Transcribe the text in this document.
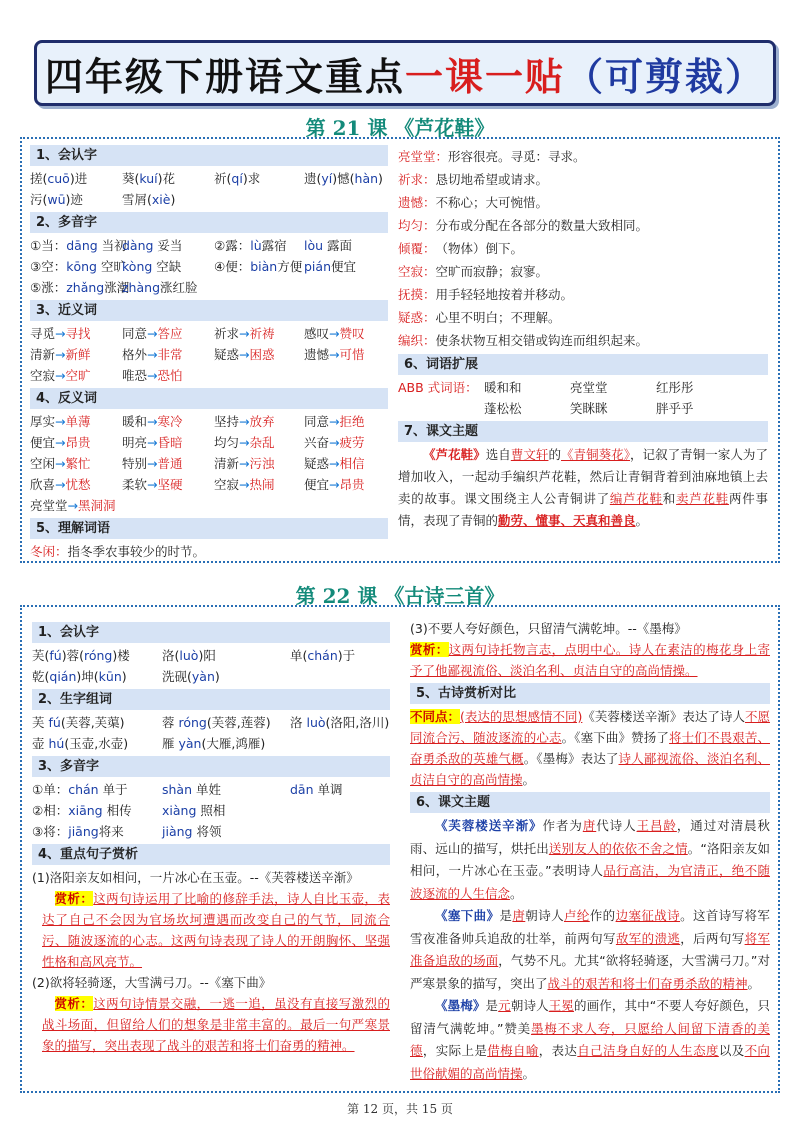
四年级下册语文重点 一课一贴 （可剪裁）
第 21 课 《芦花鞋》
1、会认字
搓(cuō)进	葵(kuí)花	祈(qí)求	遗(yí)憾(hàn)
污(wū)迹	雪屑(xiè)
2、多音字
①当：dāng 当初dàng 妥当	②露：lù露宿 lòu 露面
③空：kōng 空旷kòng 空缺	④便：biàn方便 pián便宜
⑤涨：zhǎng涨潮zhàng涨红脸
3、近义词
寻觅→寻找	同意→答应	祈求→祈祷 感叹→赞叹
清新→新鲜	格外→非常	疑惑→困惑 遗憾→可惜
空寂→空旷	唯恐→恐怕
4、反义词
厚实→单薄	暖和→寒冷	坚持→放弃 同意→拒绝
便宜→昂贵	明亮→昏暗	均匀→杂乱 兴奋→疲劳
空闲→繁忙	特别→普通	清新→污浊 疑惑→相信
欣喜→忧愁	柔软→坚硬	空寂→热闹 便宜→昂贵
亮堂堂→黑洞洞
5、理解词语
冬闲：指冬季农事较少的时节。
亮堂堂：形容很亮。寻觅：寻求。
祈求：恳切地希望或请求。
遗憾：不称心；大可惋惜。
均匀：分布或分配在各部分的数量大致相同。
倾覆：（物体）倒下。
空寂：空旷而寂静；寂寥。
抚摸：用手轻轻地按着并移动。
疑惑：心里不明白；不理解。
编织：使条状物互相交错或钩连而组织起来。
6、词语扩展
ABB 式词语： 暖和和	亮堂堂	红彤彤
蓬松松	笑眯眯	胖乎乎
7、课文主题
《芦花鞋》选自曹文轩的《青铜葵花》，记叙了青铜一家人为了增加收入，一起动手编织芦花鞋，然后让青铜背着到油麻地镇上去卖的故事。课文围绕主人公青铜讲了编芦花鞋和卖芦花鞋两件事情，表现了青铜的勤劳、懂事、天真和善良。
第 22 课 《古诗三首》
1、会认字
芙(fú)蓉(róng)楼	洛(luò)阳	单(chán)于
乾(qián)坤(kūn)	洗砚(yàn)
2、生字组词
芙 fú(芙蓉,芙蕖)	蓉 róng(芙蓉,莲蓉) 洛 luò(洛阳,洛川)
壶 hú(玉壶,水壶)	雁 yàn(大雁,鸿雁)
3、多音字
①单：chán 单于	shàn 单姓	dān 单调
②相：xiāng 相传 xiàng 照相
③将：jiāng将来	jiàng 将领
4、重点句子赏析
(1)洛阳亲友如相问，一片冰心在玉壶。--《芙蓉楼送辛渐》
赏析：这两句诗运用了比喻的修辞手法，诗人自比玉壶，表达了自己不会因为官场坎坷遭遇而改变自己的气节，同流合污、随波逐流的心志。这两句诗表现了诗人的开朗胸怀、坚强性格和高风亮节。
(2)欲将轻骑逐，大雪满弓刀。--《塞下曲》
赏析：这两句诗情景交融，一逃一追，虽没有直接写激烈的战斗场面，但留给人们的想象是非常丰富的。最后一句严寒景象的描写，突出表现了战斗的艰苦和将士们奋勇的精神。
(3)不要人夸好颜色，只留清气满乾坤。--《墨梅》
赏析：这两句诗托物言志，点明中心。诗人在素洁的梅花身上寄予了他鄙视流俗、淡泊名利、贞洁自守的高尚情操。
5、古诗赏析对比
不同点：(表达的思想感情不同)《芙蓉楼送辛渐》表达了诗人不愿同流合污、随波逐流的心志。《塞下曲》赞扬了将士们不畏艰苦、奋勇杀敌的英雄气概。《墨梅》表达了诗人鄙视流俗、淡泊名利、贞洁自守的高尚情操。
6、课文主题
《芙蓉楼送辛渐》作者为唐代诗人王昌龄，通过对清晨秋雨、远山的描写，烘托出送别友人的依依不舍之情。“洛阳亲友如相问，一片冰心在玉壶。”表明诗人品行高洁，为官清正，绝不随波逐流的人生信念。
《塞下曲》是唐朝诗人卢纶作的边塞征战诗。这首诗写将军雪夜准备帅兵追敌的壮举，前两句写敌军的溃逃，后两句写将军准备追敌的场面，气势不凡。尤其“欲将轻骑逐，大雪满弓刀。”对严寒景象的描写，突出了战斗的艰苦和将士们奋勇杀敌的精神。
《墨梅》是元朝诗人王冕的画作，其中“不要人夸好颜色，只留清气满乾坤。”赞美墨梅不求人夸，只愿给人间留下清香的美德，实际上是借梅自喻，表达自己洁身自好的人生态度以及不向世俗献媚的高尚情操。
第 12 页，共 15 页
